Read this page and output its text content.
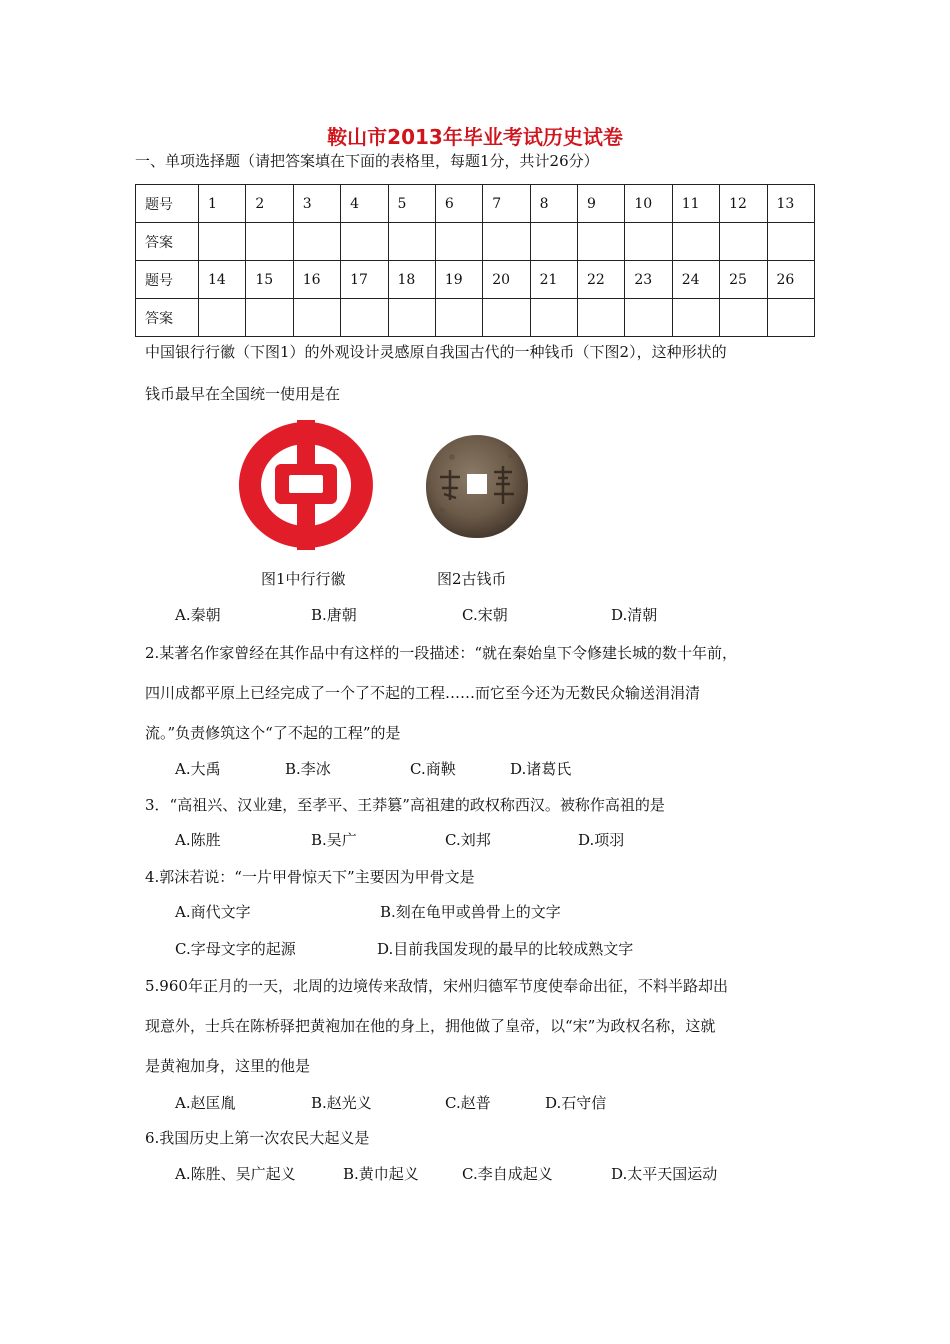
鞍山市2013年毕业考试历史试卷
一、单项选择题（请把答案填在下面的表格里，每题1分，共计26分）
题号	1	2	3	4	5	6	7	8	9	10	11	12	13
答案													
题号	14	15	16	17	18	19	20	21	22	23	24	25	26
答案													
中国银行行徽（下图1）的外观设计灵感原自我国古代的一种钱币（下图2），这种形状的
钱币最早在全国统一使用是在
图1中行行徽	图2古钱币
A.秦朝	B.唐朝	C.宋朝	D.清朝
2.某著名作家曾经在其作品中有这样的一段描述：“就在秦始皇下令修建长城的数十年前，
四川成都平原上已经完成了一个了不起的工程……而它至今还为无数民众输送涓涓清
流。”负责修筑这个“了不起的工程”的是
A.大禹	B.李冰	C.商鞅	D.诸葛氏
3．“高祖兴、汉业建，至孝平、王莽篡”高祖建的政权称西汉。被称作高祖的是
A.陈胜	B.吴广	C.刘邦	D.项羽
4.郭沫若说：“一片甲骨惊天下”主要因为甲骨文是
A.商代文字	B.刻在龟甲或兽骨上的文字
C.字母文字的起源	D.目前我国发现的最早的比较成熟文字
5.960年正月的一天，北周的边境传来敌情，宋州归德军节度使奉命出征，不料半路却出
现意外，士兵在陈桥驿把黄袍加在他的身上，拥他做了皇帝，以“宋”为政权名称，这就
是黄袍加身，这里的他是
A.赵匡胤	B.赵光义	C.赵普	D.石守信
6.我国历史上第一次农民大起义是
A.陈胜、吴广起义	B.黄巾起义	C.李自成起义	D.太平天国运动
